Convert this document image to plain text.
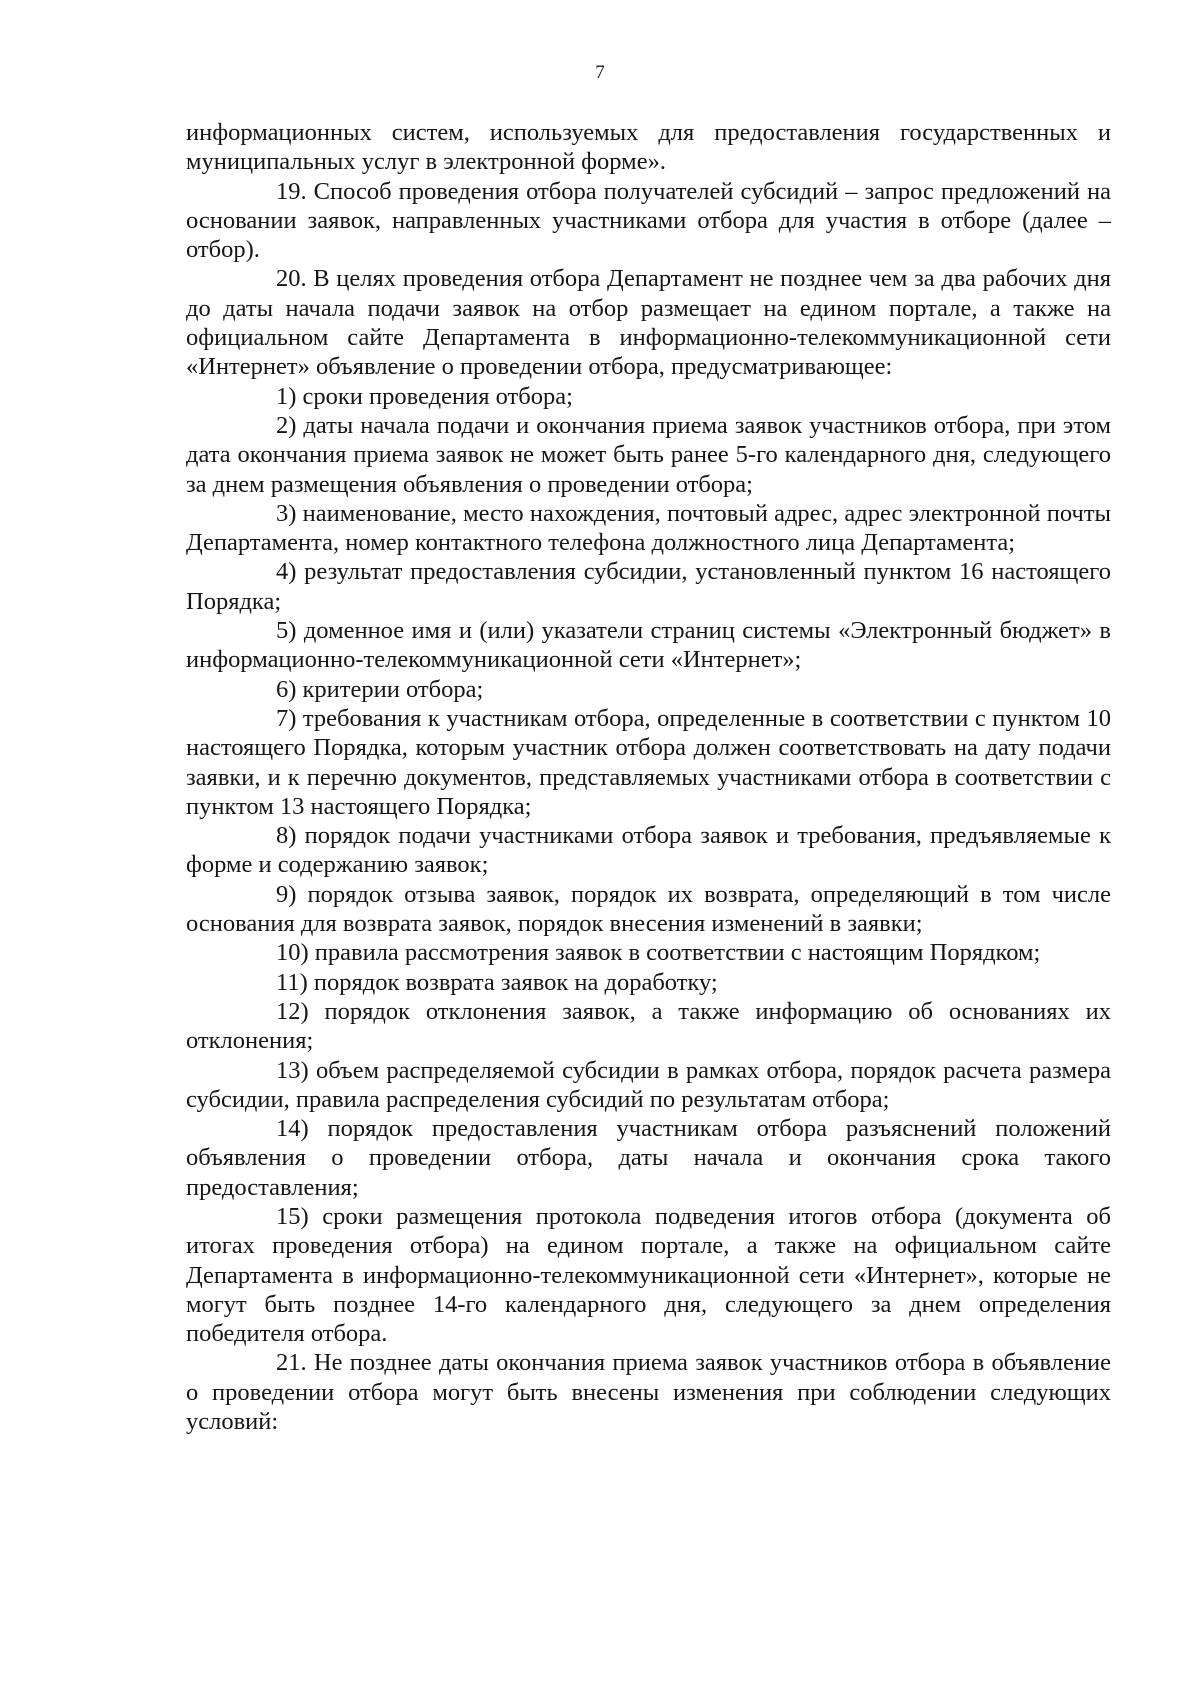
7

информационных систем, используемых для предоставления государственных и муниципальных услуг в электронной форме».

19. Способ проведения отбора получателей субсидий – запрос предложений на основании заявок, направленных участниками отбора для участия в отборе (далее – отбор).

20. В целях проведения отбора Департамент не позднее чем за два рабочих дня до даты начала подачи заявок на отбор размещает на едином портале, а также на официальном сайте Департамента в информационно-телекоммуникационной сети «Интернет» объявление о проведении отбора, предусматривающее:

1) сроки проведения отбора;

2) даты начала подачи и окончания приема заявок участников отбора, при этом дата окончания приема заявок не может быть ранее 5-го календарного дня, следующего за днем размещения объявления о проведении отбора;

3) наименование, место нахождения, почтовый адрес, адрес электронной почты Департамента, номер контактного телефона должностного лица Департамента;

4) результат предоставления субсидии, установленный пунктом 16 настоящего Порядка;

5) доменное имя и (или) указатели страниц системы «Электронный бюджет» в информационно-телекоммуникационной сети «Интернет»;

6) критерии отбора;

7) требования к участникам отбора, определенные в соответствии с пунктом 10 настоящего Порядка, которым участник отбора должен соответствовать на дату подачи заявки, и к перечню документов, представляемых участниками отбора в соответствии с пунктом 13 настоящего Порядка;

8) порядок подачи участниками отбора заявок и требования, предъявляемые к форме и содержанию заявок;

9) порядок отзыва заявок, порядок их возврата, определяющий в том числе основания для возврата заявок, порядок внесения изменений в заявки;

10) правила рассмотрения заявок в соответствии с настоящим Порядком;

11) порядок возврата заявок на доработку;

12) порядок отклонения заявок, а также информацию об основаниях их отклонения;

13) объем распределяемой субсидии в рамках отбора, порядок расчета размера субсидии, правила распределения субсидий по результатам отбора;

14) порядок предоставления участникам отбора разъяснений положений объявления о проведении отбора, даты начала и окончания срока такого предоставления;

15) сроки размещения протокола подведения итогов отбора (документа об итогах проведения отбора) на едином портале, а также на официальном сайте Департамента в информационно-телекоммуникационной сети «Интернет», которые не могут быть позднее 14-го календарного дня, следующего за днем определения победителя отбора.

21. Не позднее даты окончания приема заявок участников отбора в объявление о проведении отбора могут быть внесены изменения при соблюдении следующих условий:
